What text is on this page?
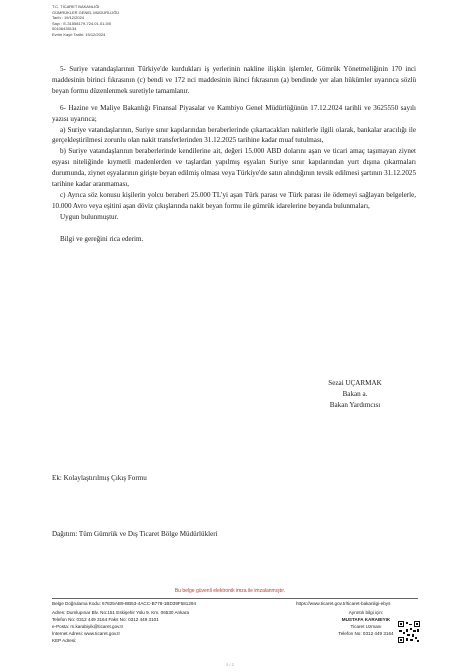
T.C. TİCARET BAKANLIĞI
GÜMRÜKLER GENEL MÜDÜRLÜĞÜ
Tarih : 19/12/2024
Sayı : E-31558179-724.01.01-0/0
00106435134
Evrim Kayıt Tarihi: 19/12/2024

5- Suriye vatandaşlarının Türkiye'de kurdukları iş yerlerinin nakline ilişkin işlemler, Gümrük Yönetmeliğinin 170 inci maddesinin birinci fıkrasının (c) bendi ve 172 nci maddesinin ikinci fıkrasının (a) bendinde yer alan hükümler uyarınca sözlü beyan formu düzenlenmek suretiyle tamamlanır.

6- Hazine ve Maliye Bakanlığı Finansal Piyasalar ve Kambiyo Genel Müdürlüğünün 17.12.2024 tarihli ve 3625550 sayılı yazısı uyarınca;

a) Suriye vatandaşlarının, Suriye sınır kapılarından beraberlerinde çıkartacakları nakitlerle ilgili olarak, bankalar aracılığı ile gerçekleştirilmesi zorunlu olan nakit transferlerinden 31.12.2025 tarihine kadar muaf tutulması,

b) Suriye vatandaşlarının beraberlerinde kendilerine ait, değeri 15.000 ABD dolarını aşan ve ticari amaç taşımayan ziynet eşyası niteliğinde kıymetli madenlerden ve taşlardan yapılmış eşyaları Suriye sınır kapılarından yurt dışına çıkarmaları durumunda, ziynet eşyalarının girişte beyan edilmiş olması veya Türkiye'de satın alındığının tevsik edilmesi şartının 31.12.2025 tarihine kadar aranmaması,

c) Ayrıca söz konusu kişilerin yolcu beraberi 25.000 TL'yi aşan Türk parası ve Türk parası ile ödemeyi sağlayan belgelerle, 10.000 Avro veya eşitini aşan döviz çıkışlarında nakit beyan formu ile gümrük idarelerine beyanda bulunmaları,

Uygun bulunmuştur.

Bilgi ve gereğini rica ederim.

Sezai UÇARMAK
Bakan a.
Bakan Yardımcısı
Ek: Kolaylaştırılmış Çıkış Formu
Dağıtım: Tüm Gümrük ve Dış Ticaret Bölge Müdürlükleri
Bu belge güvenli elektronik imza ile imzalanmıştır.
Belge Doğrulama Kodu: 67825AB9-BB53-4ACC-B778-1BD39F581294	https://www.ticaret.gov.tr/ticaret-bakanligi-ebys
Adres: Dumlupınar Blv. No:151 Eskişehir Yolu 9. Km. 06530 Ankara
Telefon No: 0312 449 3164 Faks No: 0312 449 3101
e-Posta: m.karabiyik@ticaret.gov.tr
İnternet Adresi: www.ticaret.gov.tr
KEP Adresi:
Ayrıntılı bilgi için:
MUSTAFA KARABIYIK
Ticaret Uzmanı
Telefon No: 0312 449 3164
2 / 2
